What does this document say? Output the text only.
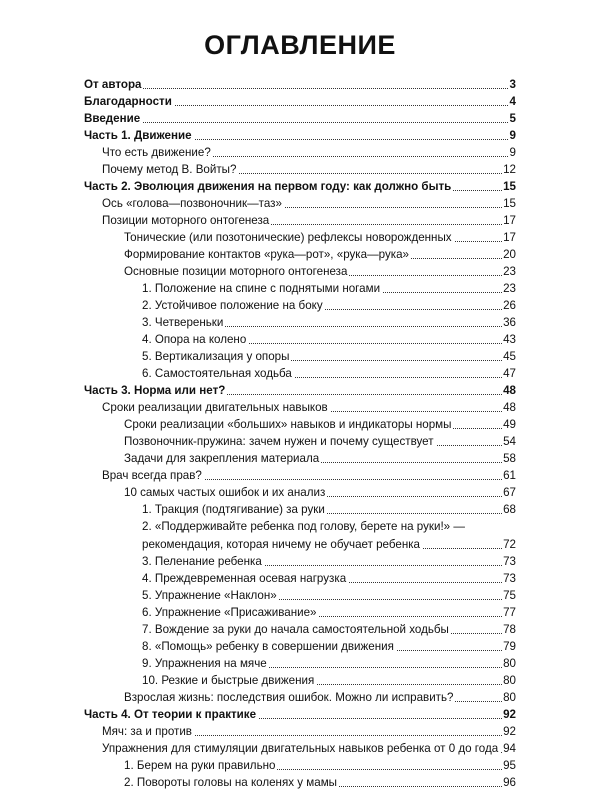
ОГЛАВЛЕНИЕ
От автора	3
Благодарности	4
Введение	5
Часть 1. Движение	9
Что есть движение?	9
Почему метод В. Войты?	12
Часть 2. Эволюция движения на первом году: как должно быть	15
Ось «голова—позвоночник—таз»	15
Позиции моторного онтогенеза	17
Тонические (или позотонические) рефлексы новорожденных	17
Формирование контактов «рука—рот», «рука—рука»	20
Основные позиции моторного онтогенеза	23
1. Положение на спине с поднятыми ногами	23
2. Устойчивое положение на боку	26
3. Четвереньки	36
4. Опора на колено	43
5. Вертикализация у опоры	45
6. Самостоятельная ходьба	47
Часть 3. Норма или нет?	48
Сроки реализации двигательных навыков	48
Сроки реализации «больших» навыков и индикаторы нормы	49
Позвоночник-пружина: зачем нужен и почему существует	54
Задачи для закрепления материала	58
Врач всегда прав?	61
10 самых частых ошибок и их анализ	67
1. Тракция (подтягивание) за руки	68
2. «Поддерживайте ребенка под голову, берете на руки!» —
рекомендация, которая ничему не обучает ребенка	72
3. Пеленание ребенка	73
4. Преждевременная осевая нагрузка	73
5. Упражнение «Наклон»	75
6. Упражнение «Присаживание»	77
7. Вождение за руки до начала самостоятельной ходьбы	78
8. «Помощь» ребенку в совершении движения	79
9. Упражнения на мяче	80
10. Резкие и быстрые движения	80
Взрослая жизнь: последствия ошибок. Можно ли исправить?	80
Часть 4. От теории к практике	92
Мяч: за и против	92
Упражнения для стимуляции двигательных навыков ребенка от 0 до года 94
1. Берем на руки правильно	95
2. Повороты головы на коленях у мамы	96
